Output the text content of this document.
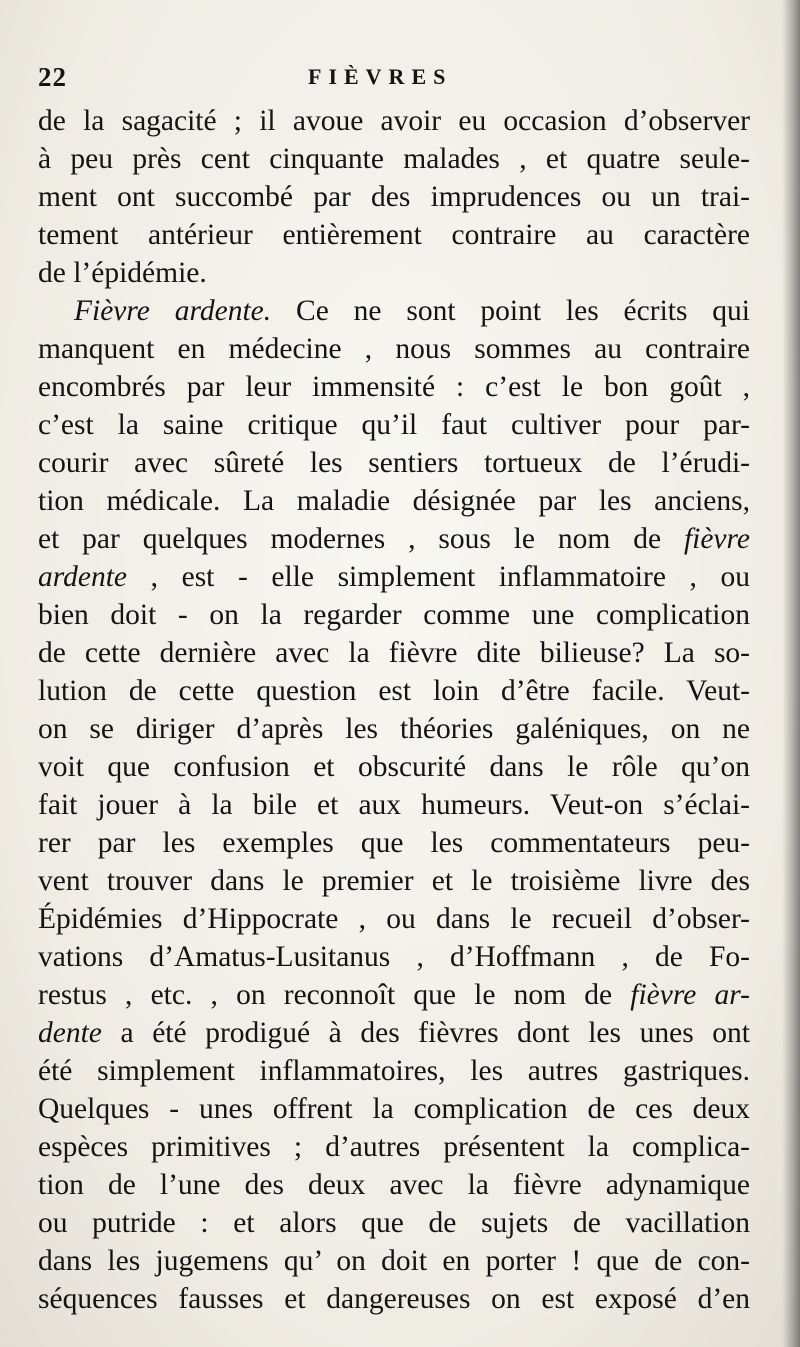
22	FIÈVRES
de la sagacité ; il avoue avoir eu occasion d’observer
à peu près cent cinquante malades , et quatre seule-
ment ont succombé par des imprudences ou un trai-
tement antérieur entièrement contraire au caractère
de l’épidémie.
Fièvre ardente. Ce ne sont point les écrits qui
manquent en médecine , nous sommes au contraire
encombrés par leur immensité : c’est le bon goût ,
c’est la saine critique qu’il faut cultiver pour par-
courir avec sûreté les sentiers tortueux de l’érudi-
tion médicale. La maladie désignée par les anciens,
et par quelques modernes , sous le nom de fièvre
ardente , est - elle simplement inflammatoire , ou
bien doit - on la regarder comme une complication
de cette dernière avec la fièvre dite bilieuse? La so-
lution de cette question est loin d’être facile. Veut-
on se diriger d’après les théories galéniques, on ne
voit que confusion et obscurité dans le rôle qu’on
fait jouer à la bile et aux humeurs. Veut-on s’éclai-
rer par les exemples que les commentateurs peu-
vent trouver dans le premier et le troisième livre des
Épidémies d’Hippocrate , ou dans le recueil d’obser-
vations d’Amatus-Lusitanus , d’Hoffmann , de Fo-
restus , etc. , on reconnoît que le nom de fièvre ar-
dente a été prodigué à des fièvres dont les unes ont
été simplement inflammatoires, les autres gastriques.
Quelques - unes offrent la complication de ces deux
espèces primitives ; d’autres présentent la complica-
tion de l’une des deux avec la fièvre adynamique
ou putride : et alors que de sujets de vacillation
dans les jugemens qu’ on doit en porter ! que de con-
séquences fausses et dangereuses on est exposé d’en
